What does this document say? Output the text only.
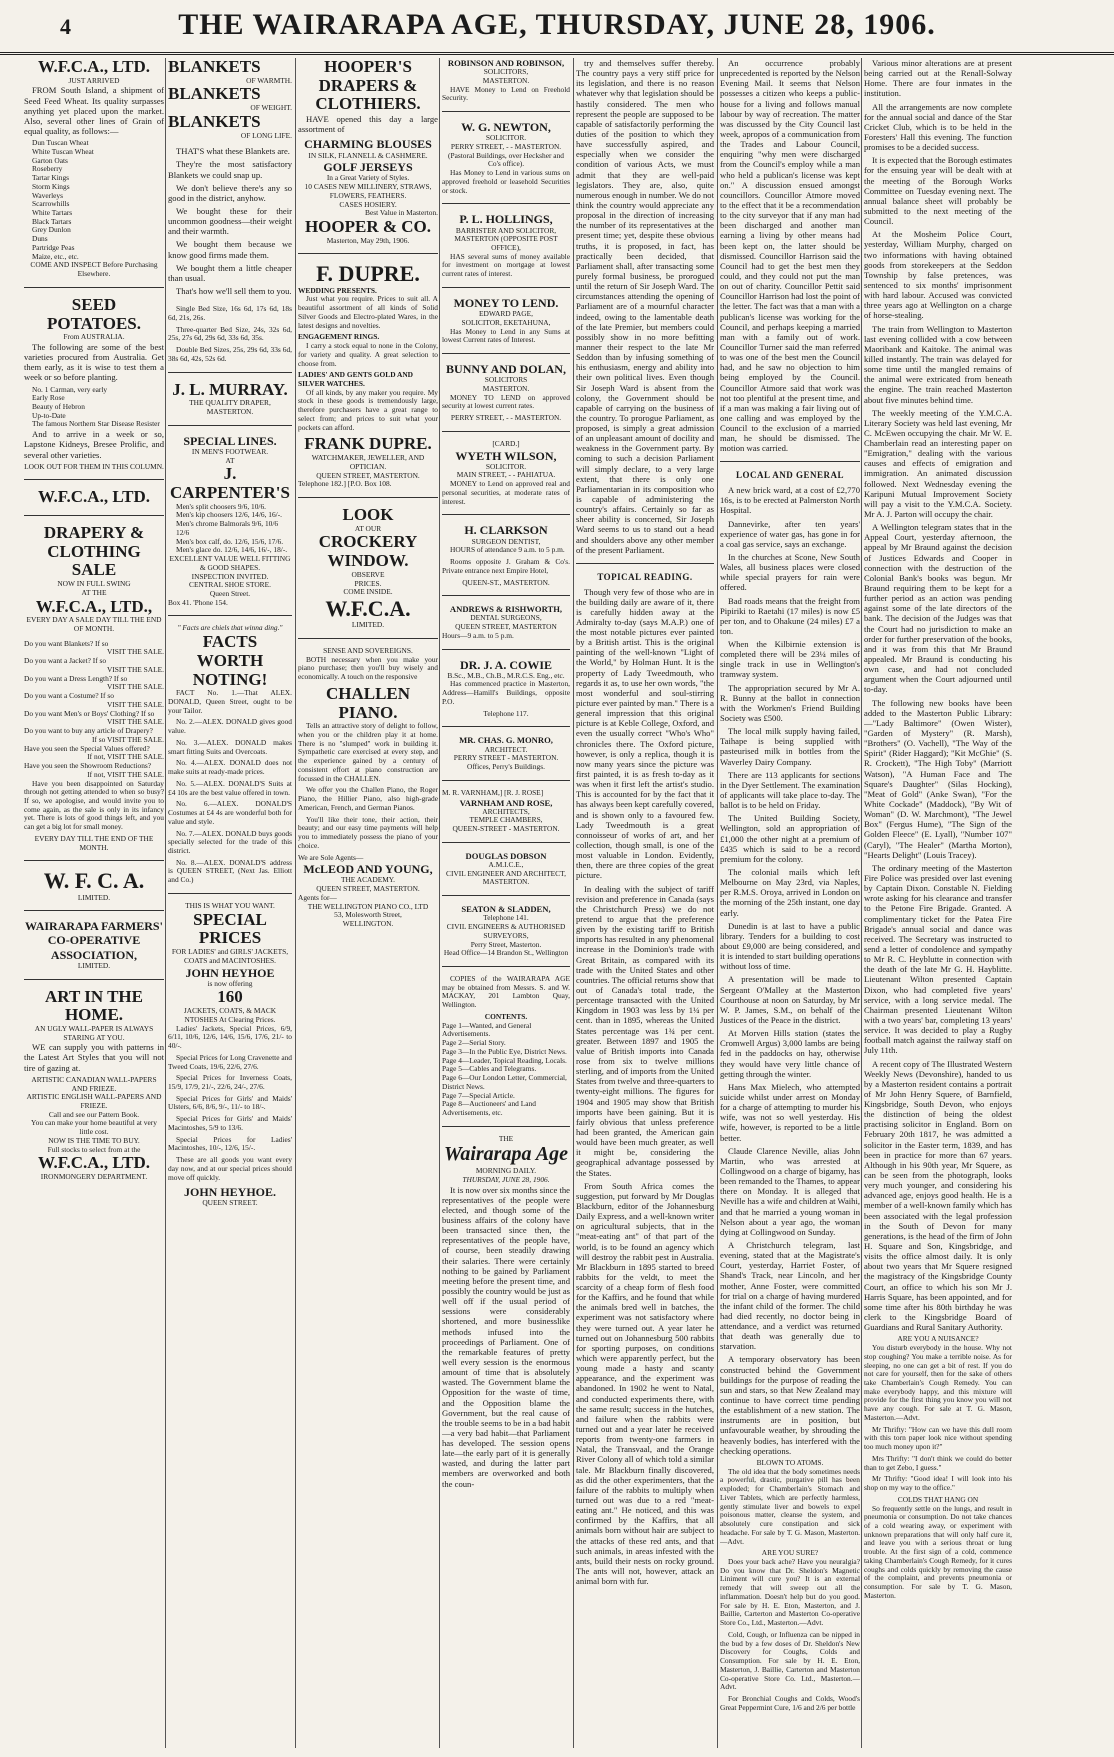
4	THE WAIRARAPA AGE, THURSDAY, JUNE 28, 1906.
W.F.C.A., LTD.
JUST ARRIVED

FROM South Island, a shipment of Seed Feed Wheat. Its quality surpasses anything yet placed upon the market. Also, several other lines of Grain of equal quality, as follows:—

Dun Tuscan Wheat
White Tuscan Wheat
Garton Oats
Roseberry
Tartar Kings
Storm Kings
Waverleys
Scarrowhills
White Tartars
Black Tartars
Grey Dunlon
Duns
Partridge Peas
Maize, etc., etc.
COME AND INSPECT Before Purchasing Elsewhere.
SEED POTATOES.
From AUSTRALIA.

The following are some of the best varieties procured from Australia. Get them early, as it is wise to test them a week or so before planting.

No. 1 Carman, very early
Early Rose
Beauty of Hebron
Up-to-Date
The famous Northern Star Disease Resister

And to arrive in a week or so, Lapstone Kidneys, Bresee Prolific, and several other varieties.

LOOK OUT FOR THEM IN THIS COLUMN.
W.F.C.A., LTD.
DRAPERY & CLOTHING SALE
NOW IN FULL SWING
AT THE
W.F.C.A., LTD.,
EVERY DAY A SALE DAY TILL THE END OF MONTH.
Do you want Blankets? If so
VISIT THE SALE.
Do you want a Jacket? If so
VISIT THE SALE.
Do you want a Dress Length? If so
VISIT THE SALE.
Do you want a Costume? If so
VISIT THE SALE.
Do you want Men's or Boys' Clothing? If so
VISIT THE SALE.
Do you want to buy any article of Drapery?
If so VISIT THE SALE.
Have you seen the Special Values offered?
If not, VISIT THE SALE.
Have you seen the Showroom Reductions?
If not, VISIT THE SALE.

Have you been disappointed on Saturday through not getting attended to when so busy? If so, we apologise, and would invite you to come again, as the sale is only in its infancy yet. There is lots of good things left, and you can get a big lot for small money.

EVERY DAY TILL THE END OF THE MONTH.
W. F. C. A.
LIMITED.
WAIRARAPA FARMERS' CO-OPERATIVE ASSOCIATION,
LIMITED.
ART IN THE HOME.
AN UGLY WALL-PAPER IS ALWAYS STARING AT YOU.

WE can supply you with patterns in the Latest Art Styles that you will not tire of gazing at.

ARTISTIC CANADIAN WALL-PAPERS AND FRIEZE.
ARTISTIC ENGLISH WALL-PAPERS AND FRIEZE.
Call and see our Pattern Book.
You can make your home beautiful at very little cost.
NOW IS THE TIME TO BUY.
Full stocks to select from at the
W.F.C.A., LTD.
IRONMONGERY DEPARTMENT.
BLANKETS
OF WARMTH.
BLANKETS
OF WEIGHT.
BLANKETS
OF LONG LIFE.

THAT'S what these Blankets are.

They're the most satisfactory Blankets we could snap up.

We don't believe there's any so good in the district, anyhow.

We bought these for their uncommon goodness—their weight and their warmth.

We bought them because we know good firms made them.

We bought them a little cheaper than usual.

That's how we'll sell them to you.

Single Bed Size, 16s 6d, 17s 6d, 18s 6d, 21s, 26s.

Three-quarter Bed Size, 24s, 32s 6d, 25s, 27s 6d, 29s 6d, 33s 6d, 35s.

Double Bed Sizes, 25s, 29s 6d, 33s 6d, 38s 6d, 42s, 52s 6d.

J. L. MURRAY.
THE QUALITY DRAPER,
MASTERTON.
SPECIAL LINES.
IN MEN'S FOOTWEAR.
AT
J. CARPENTER'S
Men's split choosers 9/6, 10/6.
Men's kip choosers 12/6, 14/6, 16/-.
Men's chrome Balmorals 9/6, 10/6 12/6
Men's box calf, do. 12/6, 15/6, 17/6.
Men's glace do. 12/6, 14/6, 16/-, 18/-.
EXCELLENT VALUE WELL FITTING & GOOD SHAPES.
INSPECTION INVITED.
CENTRAL SHOE STORE.
Queen Street.
Box 41. 'Phone 154.
" Facts are chiels that winna ding."
FACTS WORTH NOTING!

FACT No. 1.—That ALEX. DONALD, Queen Street, ought to be your Tailor.

No. 2.—ALEX. DONALD gives good value.

No. 3.—ALEX. DONALD makes smart fitting Suits and Overcoats.

No. 4.—ALEX. DONALD does not make suits at ready-made prices.

No. 5.—ALEX. DONALD'S Suits at £4 10s are the best value offered in town.

No. 6.—ALEX. DONALD'S Costumes at £4 4s are wonderful both for value and style.

No. 7.—ALEX. DONALD buys goods specially selected for the trade of this district.

No. 8.—ALEX. DONALD'S address is QUEEN STREET, (Next Jas. Elliott and Co.)

THIS IS WHAT YOU WANT.
SPECIAL PRICES
FOR LADIES' and GIRLS' JACKETS, COATS and MACINTOSHES.
JOHN HEYHOE
is now offering
160
JACKETS, COATS, & MACK NTOSHES At Clearing Prices.

Ladies' Jackets, Special Prices, 6/9, 6/11, 10/6, 12/6, 14/6, 15/6, 17/6, 21/- to 40/-.

Special Prices for Long Cravenette and Tweed Coats, 19/6, 22/6, 27/6.

Special Prices for Inverness Coats, 15/9, 17/9, 21/-, 22/6, 24/-, 27/6.

Special Prices for Girls' and Maids' Ulsters, 6/6, 8/6, 9/-, 11/- to 18/-.

Special Prices for Girls' and Maids' Macintoshes, 5/9 to 13/6.

Special Prices for Ladies' Macintoshes, 10/-, 12/6, 15/-.

These are all goods you want every day now, and at our special prices should move off quickly.

JOHN HEYHOE.
QUEEN STREET.
HOOPER'S
DRAPERS & CLOTHIERS.

HAVE opened this day a large assortment of

CHARMING BLOUSES
IN SILK, FLANNELL & CASHMERE.
GOLF JERSEYS
In a Great Variety of Styles.
10 CASES NEW MILLINERY, STRAWS, FLOWERS, FEATHERS.
CASES HOSIERY.
Best Value in Masterton.
HOOPER & CO.
Masterton, May 29th, 1906.
F. DUPRE.
WEDDING PRESENTS.

Just what you require. Prices to suit all. A beautiful assortment of all kinds of Solid Silver Goods and Electro-plated Wares, in the latest designs and novelties.

ENGAGEMENT RINGS.

I carry a stock equal to none in the Colony, for variety and quality. A great selection to choose from.

LADIES' AND GENTS GOLD AND SILVER WATCHES.

Of all kinds, by any maker you require. My stock in these goods is tremendously large, therefore purchasers have a great range to select from; and prices to suit what your pockets can afford.

FRANK DUPRE.
WATCHMAKER, JEWELLER, AND OPTICIAN.
QUEEN STREET, MASTERTON.
Telephone 182.] [P.O. Box 108.
LOOK
AT OUR
CROCKERY
WINDOW.
OBSERVE
PRICES.
COME INSIDE.
W.F.C.A.
LIMITED.
SENSE AND SOVEREIGNS.

BOTH necessary when you make your piano purchase; then you'll buy wisely and economically. A touch on the responsive

CHALLEN PIANO.

Tells an attractive story of delight to follow, when you or the children play it at home. There is no "slumped" work in building it. Sympathetic care exercised at every step, and the experience gained by a century of consistent effort at piano construction are focussed in the CHALLEN.

We offer you the Challen Piano, the Roger Piano, the Hillier Piano, also high-grade American, French, and German Pianos.

You'll like their tone, their action, their beauty; and our easy time payments will help you to immediately possess the piano of your choice.

We are Sole Agents—
McLEOD AND YOUNG,
THE ACADEMY.
QUEEN STREET, MASTERTON.
Agents for—
THE WELLINGTON PIANO CO., LTD
53, Molesworth Street,
WELLINGTON.
ROBINSON AND ROBINSON,
SOLICITORS,
MASTERTON.

HAVE Money to Lend on Freehold Security.

W. G. NEWTON,
SOLICITOR.
PERRY STREET, - - MASTERTON.
(Pastoral Buildings, over Hecksher and Co's office).

Has Money to Lend in various sums on approved freehold or leasehold Securities or stock.

P. L. HOLLINGS,
BARRISTER AND SOLICITOR,
MASTERTON (OPPOSITE POST OFFICE),

HAS several sums of money available for investment on mortgage at lowest current rates of interest.

MONEY TO LEND.
EDWARD PAGE,
SOLICITOR, EKETAHUNA,

Has Money to Lend in any Sums at lowest Current rates of Interest.

BUNNY AND DOLAN,
SOLICITORS
MASTERTON.

MONEY TO LEND on approved security at lowest current rates.

PERRY STREET, - - MASTERTON.
[CARD.]
WYETH WILSON,
SOLICITOR.
MAIN STREET, - - PAHIATUA.

MONEY to Lend on approved real and personal securities, at moderate rates of interest.

H. CLARKSON
SURGEON DENTIST,

HOURS of attendance 9 a.m. to 5 p.m.

Rooms opposite J. Graham & Co's. Private entrance next Empire Hotel,

QUEEN-ST., MASTERTON.
ANDREWS & RISHWORTH,
DENTAL SURGEONS,
QUEEN STREET, MASTERTON
Hours—9 a.m. to 5 p.m.
DR. J. A. COWIE
B.Sc., M.B., Ch.B., M.R.C.S. Eng., etc.

Has commenced practice in Masterton, Address—Hamill's Buildings, opposite P.O.

Telephone 117.
MR. CHAS. G. MONRO,
ARCHITECT.
PERRY STREET - MASTERTON. Offices, Perry's Buildings.
M. R. VARNHAM,] [R. J. ROSE]
VARNHAM AND ROSE,
ARCHITECTS,
TEMPLE CHAMBERS,
QUEEN-STREET - MASTERTON.
DOUGLAS DOBSON
A.M.I.C.E.,
CIVIL ENGINEER AND ARCHITECT,
MASTERTON.
SEATON & SLADDEN,
Telephone 141.
CIVIL ENGINEERS & AUTHORISED SURVEYORS,
Perry Street, Masterton.
Head Office—14 Brandon St., Wellington

COPIES of the WAIRARAPA AGE may be obtained from Messrs. S. and W. MACKAY, 201 Lambton Quay, Wellington.

CONTENTS.
Page 1—Wanted, and General Advertisements.
Page 2—Serial Story.
Page 3—In the Public Eye, District News.
Page 4—Leader, Topical Reading, Locals.
Page 5—Cables and Telegrams.
Page 6—Our London Letter, Commercial, District News.
Page 7—Special Article.
Page 8—Auctioneers' and Land Advertisements, etc.
THE
Wairarapa Age
MORNING DAILY.
THURSDAY, JUNE 28, 1906.

It is now over six months since the representatives of the people were elected, and though some of the business affairs of the colony have been transacted since then, the representatives of the people have, of course, been steadily drawing their salaries. There were certainly nothing to be gained by Parliament meeting before the present time, and possibly the country would be just as well off if the usual period of sessions were considerably shortened, and more businesslike methods infused into the proceedings of Parliament. One of the remarkable features of pretty well every session is the enormous amount of time that is absolutely wasted. The Government blame the Opposition for the waste of time, and the Opposition blame the Government, but the real cause of the trouble seems to be in a bad habit—a very bad habit—that Parliament has developed. The session opens late—the early part of it is generally wasted, and during the latter part members are overworked and both the coun-

try and themselves suffer thereby. The country pays a very stiff price for its legislation, and there is no reason whatever why that legislation should be hastily considered. The men who represent the people are supposed to be capable of satisfactorily performing the duties of the position to which they have successfully aspired, and especially when we consider the condition of various Acts, we must admit that they are well-paid legislators. They are, also, quite numerous enough in number. We do not think the country would appreciate any proposal in the direction of increasing the number of its representatives at the present time; yet, despite these obvious truths, it is proposed, in fact, has practically been decided, that Parliament shall, after transacting some purely formal business, be prorogued until the return of Sir Joseph Ward. The circumstances attending the opening of Parliament are of a mournful character indeed, owing to the lamentable death of the late Premier, but members could possibly show in no more befitting manner their respect to the late Mr Seddon than by infusing something of his enthusiasm, energy and ability into their own political lives. Even though Sir Joseph Ward is absent from the colony, the Government should be capable of carrying on the business of the country. To prorogue Parliament, as proposed, is simply a great admission of an unpleasant amount of docility and weakness in the Government party. By coming to such a decision Parliament will simply declare, to a very large extent, that there is only one Parliamentarian in its composition who is capable of administering the country's affairs. Certainly so far as sheer ability is concerned, Sir Joseph Ward seems to us to stand out a head and shoulders above any other member of the present Parliament.

TOPICAL READING.

Though very few of those who are in the building daily are aware of it, there is carefully hidden away at the Admiralty to-day (says M.A.P.) one of the most notable pictures ever painted by a British artist. This is the original painting of the well-known "Light of the World," by Holman Hunt. It is the property of Lady Tweedmouth, who regards it as, to use her own words, "the most wonderful and soul-stirring picture ever painted by man." There is a general impression that this original picture is at Keble College, Oxford, and even the usually correct "Who's Who" chronicles there. The Oxford picture, however, is only a replica, though it is now many years since the picture was first painted, it is as fresh to-day as it was when it first left the artist's studio. This is accounted for by the fact that it has always been kept carefully covered, and is shown only to a favoured few. Lady Tweedmouth is a great connoisseur of works of art, and her collection, though small, is one of the most valuable in London. Evidently, then, there are three copies of the great picture.

In dealing with the subject of tariff revision and preference in Canada (says the Christchurch Press) we do not pretend to argue that the preference given by the existing tariff to British imports has resulted in any phenomenal increase in the Dominion's trade with Great Britain, as compared with its trade with the United States and other countries. The official returns show that out of Canada's total trade, the percentage transacted with the United Kingdom in 1903 was less by 1¼ per cent. than in 1895, whereas the United States percentage was 1¾ per cent. greater. Between 1897 and 1905 the value of British imports into Canada rose from six to twelve millions sterling, and of imports from the United States from twelve and three-quarters to twenty-eight millions. The figures for 1904 and 1905 may show that British imports have been gaining. But it is fairly obvious that unless preference had been granted, the American gain would have been much greater, as well it might be, considering the geographical advantage possessed by the States.

From South Africa comes the suggestion, put forward by Mr Douglas Blackburn, editor of the Johannesburg Daily Express, and a well-known writer on agricultural subjects, that in the "meat-eating ant" of that part of the world, is to be found an agency which will destroy the rabbit pest in Australia. Mr Blackburn in 1895 started to breed rabbits for the veldt, to meet the scarcity of a cheap form of flesh food for the Kaffirs, and he found that while the animals bred well in batches, the experiment was not satisfactory where they were turned out. A year later he turned out on Johannesburg 500 rabbits for sporting purposes, on conditions which were apparently perfect, but the young made a hasty and scanty appearance, and the experiment was abandoned. In 1902 he went to Natal, and conducted experiments there, with the same result; success in the hutches, and failure when the rabbits were turned out and a year later he received reports from twenty-one farmers in Natal, the Transvaal, and the Orange River Colony all of which told a similar tale. Mr Blackburn finally discovered, as did the other experimenters, that the failure of the rabbits to multiply when turned out was due to a red "meat-eating ant." He noticed, and this was confirmed by the Kaffirs, that all animals born without hair are subject to the attacks of these red ants, and that such animals, in areas infested with the ants, build their nests on rocky ground. The ants will not, however, attack an animal born with fur.

An occurrence probably unprecedented is reported by the Nelson Evening Mail. It seems that Nelson possesses a citizen who keeps a public-house for a living and follows manual labour by way of recreation. The matter was discussed by the City Council last week, apropos of a communication from the Trades and Labour Council, enquiring "why men were discharged from the Council's employ while a man who held a publican's license was kept on." A discussion ensued amongst councillors. Councillor Atmore moved to the effect that it be a recommendation to the city surveyor that if any man had been discharged and another man earning a living by other means had been kept on, the latter should be dismissed. Councillor Harrison said the Council had to get the best men they could, and they could not put the man on out of charity. Councillor Pettit said Councillor Harrison had lost the point of the letter. The fact was that a man with a publican's license was working for the Council, and perhaps keeping a married man with a family out of work. Councillor Turner said the man referred to was one of the best men the Council had, and he saw no objection to him being employed by the Council. Councillor Atmore said that work was not too plentiful at the present time, and if a man was making a fair living out of one calling and was employed by the Council to the exclusion of a married man, he should be dismissed. The motion was carried.

LOCAL AND GENERAL

A new brick ward, at a cost of £2,770 16s, is to be erected at Palmerston North Hospital.

Dannevirke, after ten years' experience of water gas, has gone in for a coal gas service, says an exchange.

In the churches at Scone, New South Wales, all business places were closed while special prayers for rain were offered.

Bad roads means that the freight from Pipiriki to Raetahi (17 miles) is now £5 per ton, and to Ohakune (24 miles) £7 a ton.

When the Kilbirnie extension is completed there will be 23¼ miles of single track in use in Wellington's tramway system.

The appropriation secured by Mr A. R. Bunny at the ballot in connection with the Workmen's Friend Building Society was £500.

The local milk supply having failed, Taihape is being supplied with pasteurised milk in bottles from the Waverley Dairy Company.

There are 113 applicants for sections in the Dyer Settlement. The examination of applicants will take place to-day. The ballot is to be held on Friday.

The United Building Society, Wellington, sold an appropriation of £1,000 the other night at a premium of £435 which is said to be a record premium for the colony.

The colonial mails which left Melbourne on May 23rd, via Naples, per R.M.S. Oroya, arrived in London on the morning of the 25th instant, one day early.

Dunedin is at last to have a public library. Tenders for a building to cost about £9,000 are being considered, and it is intended to start building operations without loss of time.

A presentation will be made to Sergeant O'Malley at the Masterton Courthouse at noon on Saturday, by Mr W. P. James, S.M., on behalf of the Justices of the Peace in the district.

At Morven Hills station (states the Cromwell Argus) 3,000 lambs are being fed in the paddocks on hay, otherwise they would have very little chance of getting through the winter.

Hans Max Mielech, who attempted suicide whilst under arrest on Monday for a charge of attempting to murder his wife, was not so well yesterday. His wife, however, is reported to be a little better.

Claude Clarence Neville, alias John Martin, who was arrested at Collingwood on a charge of bigamy, has been remanded to the Thames, to appear there on Monday. It is alleged that Neville has a wife and children at Waihi, and that he married a young woman in Nelson about a year ago, the woman dying at Collingwood on Sunday.

A Christchurch telegram, last evening, stated that at the Magistrate's Court, yesterday, Harriet Foster, of Shand's Track, near Lincoln, and her mother, Anne Foster, were committed for trial on a charge of having murdered the infant child of the former. The child had died recently, no doctor being in attendance, and a verdict was returned that death was generally due to starvation.

A temporary observatory has been constructed behind the Government buildings for the purpose of reading the sun and stars, so that New Zealand may continue to have correct time pending the establishment of a new station. The instruments are in position, but unfavourable weather, by shrouding the heavenly bodies, has interfered with the checking operations.

BLOWN TO ATOMS.

The old idea that the body sometimes needs a powerful, drastic, purgative pill has been exploded; for Chamberlain's Stomach and Liver Tablets, which are perfectly harmless, gently stimulate liver and bowels to expel poisonous matter, cleanse the system, and absolutely cure constipation and sick headache. For sale by T. G. Mason, Masterton.—Advt.

ARE YOU SURE?

Does your back ache? Have you neuralgia? Do you know that Dr. Sheldon's Magnetic Liniment will cure you? It is an external remedy that will sweep out all the inflammation. Doesn't help but do you good. For sale by H. E. Eton, Masterton, and J. Baillie, Carterton and Masterton Co-operative Store Co., Ltd., Masterton.—Advt.

Cold, Cough, or Influenza can be nipped in the bud by a few doses of Dr. Sheldon's New Discovery for Coughs, Colds and Consumption. For sale by H. E. Eton, Masterton, J. Baillie, Carterton and Masterton Co-operative Store Co. Ltd., Masterton.—Advt.

For Bronchial Coughs and Colds, Wood's Great Peppermint Cure, 1/6 and 2/6 per bottle

Various minor alterations are at present being carried out at the Renall-Solway Home. There are four inmates in the institution.

All the arrangements are now complete for the annual social and dance of the Star Cricket Club, which is to be held in the Foresters' Hall this evening. The function promises to be a decided success.

It is expected that the Borough estimates for the ensuing year will be dealt with at the meeting of the Borough Works Committee on Tuesday evening next. The annual balance sheet will probably be submitted to the next meeting of the Council.

At the Mosheim Police Court, yesterday, William Murphy, charged on two informations with having obtained goods from storekeepers at the Seddon Township by false pretences, was sentenced to six months' imprisonment with hard labour. Accused was convicted three years ago at Wellington on a charge of horse-stealing.

The train from Wellington to Masterton last evening collided with a cow between Maoribank and Kaitoke. The animal was killed instantly. The train was delayed for some time until the mangled remains of the animal were extricated from beneath the engine. The train reached Masterton about five minutes behind time.

The weekly meeting of the Y.M.C.A. Literary Society was held last evening, Mr C. McEwen occupying the chair. Mr W. E. Chamberlain read an interesting paper on "Emigration," dealing with the various causes and effects of emigration and immigration. An animated discussion followed. Next Wednesday evening the Karipuni Mutual Improvement Society will pay a visit to the Y.M.C.A. Society. Mr A. J. Parton will occupy the chair.

A Wellington telegram states that in the Appeal Court, yesterday afternoon, the appeal by Mr Braund against the decision of Justices Edwards and Cooper in connection with the destruction of the Colonial Bank's books was begun. Mr Braund requiring them to be kept for a further period as an action was pending against some of the late directors of the bank. The decision of the Judges was that the Court had no jurisdiction to make an order for further preservation of the books, and it was from this that Mr Braund appealed. Mr Braund is conducting his own case, and had not concluded argument when the Court adjourned until to-day.

The following new books have been added to the Masterton Public Library:—"Lady Baltimore" (Owen Wister), "Garden of Mystery" (R. Marsh), "Brothers" (O. Vachell), "The Way of the Spirit" (Rider Haggard); "Kit McGhie" (S. R. Crockett), "The High Toby" (Marriott Watson), "A Human Face and The Square's Daughter" (Silas Hocking), "Meat of Gold" (Anke Swan), "For the White Cockade" (Maddock), "By Wit of Woman" (D. W. Marchmont), "The Jewel Box" (Fergus Hume), "The Sign of the Golden Fleece" (E. Lyall), "Number 107" (Caryl), "The Healer" (Martha Morton), "Hearts Delight" (Louis Tracey).

The ordinary meeting of the Masterton Fire Police was presided over last evening by Captain Dixon. Constable N. Fielding wrote asking for his clearance and transfer to the Petone Fire Brigade. Granted. A complimentary ticket for the Patea Fire Brigade's annual social and dance was received. The Secretary was instructed to send a letter of condolence and sympathy to Mr R. C. Heyblutte in connection with the death of the late Mr G. H. Hayblitte. Lieutenant Wilton presented Captain Dixon, who had completed five years' service, with a long service medal. The Chairman presented Lieutenant Wilton with a two years' bar, completing 13 years' service. It was decided to play a Rugby football match against the railway staff on July 11th.

A recent copy of The Illustrated Western Weekly News (Devonshire), handed to us by a Masterton resident contains a portrait of Mr John Henry Squere, of Barnfield, Kingsbridge, South Devon, who enjoys the distinction of being the oldest practising solicitor in England. Born on February 20th 1817, he was admitted a solicitor in the Easter term, 1839, and has been in practice for more than 67 years. Although in his 90th year, Mr Squere, as can be seen from the photograph, looks very much younger, and considering his advanced age, enjoys good health. He is a member of a well-known family which has been associated with the legal profession in the South of Devon for many generations, is the head of the firm of John H. Square and Son, Kingsbridge, and visits the office almost daily. It is only about two years that Mr Squere resigned the magistracy of the Kingsbridge County Court, an office to which his son Mr J. Harris Square, has been appointed, and for some time after his 80th birthday he was clerk to the Kingsbridge Board of Guardians and Rural Sanitary Authority.

ARE YOU A NUISANCE?

You disturb everybody in the house. Why not stop coughing? You make a terrible noise. As for sleeping, no one can get a bit of rest. If you do not care for yourself, then for the sake of others take Chamberlain's Cough Remedy. You can make everybody happy, and this mixture will provide for the first thing you know you will not have any cough. For sale at T. G. Mason, Masterton.—Advt.

Mr Thrifty: "How can we have this dull room with this torn paper look nice without spending too much money upon it?"

Mrs Thrifty: "I don't think we could do better than to get Zebo, I guess."

Mr Thrifty: "Good idea! I will look into his shop on my way to the office."

COLDS THAT HANG ON

So frequently settle on the lungs, and result in pneumonia or consumption. Do not take chances of a cold wearing away, or experiment with unknown preparations that will only half cure it, and leave you with a serious throat or lung trouble. At the first sign of a cold, commence taking Chamberlain's Cough Remedy, for it cures coughs and colds quickly by removing the cause of the complaint, and prevents pneumonia or consumption. For sale by T. G. Mason, Masterton.
